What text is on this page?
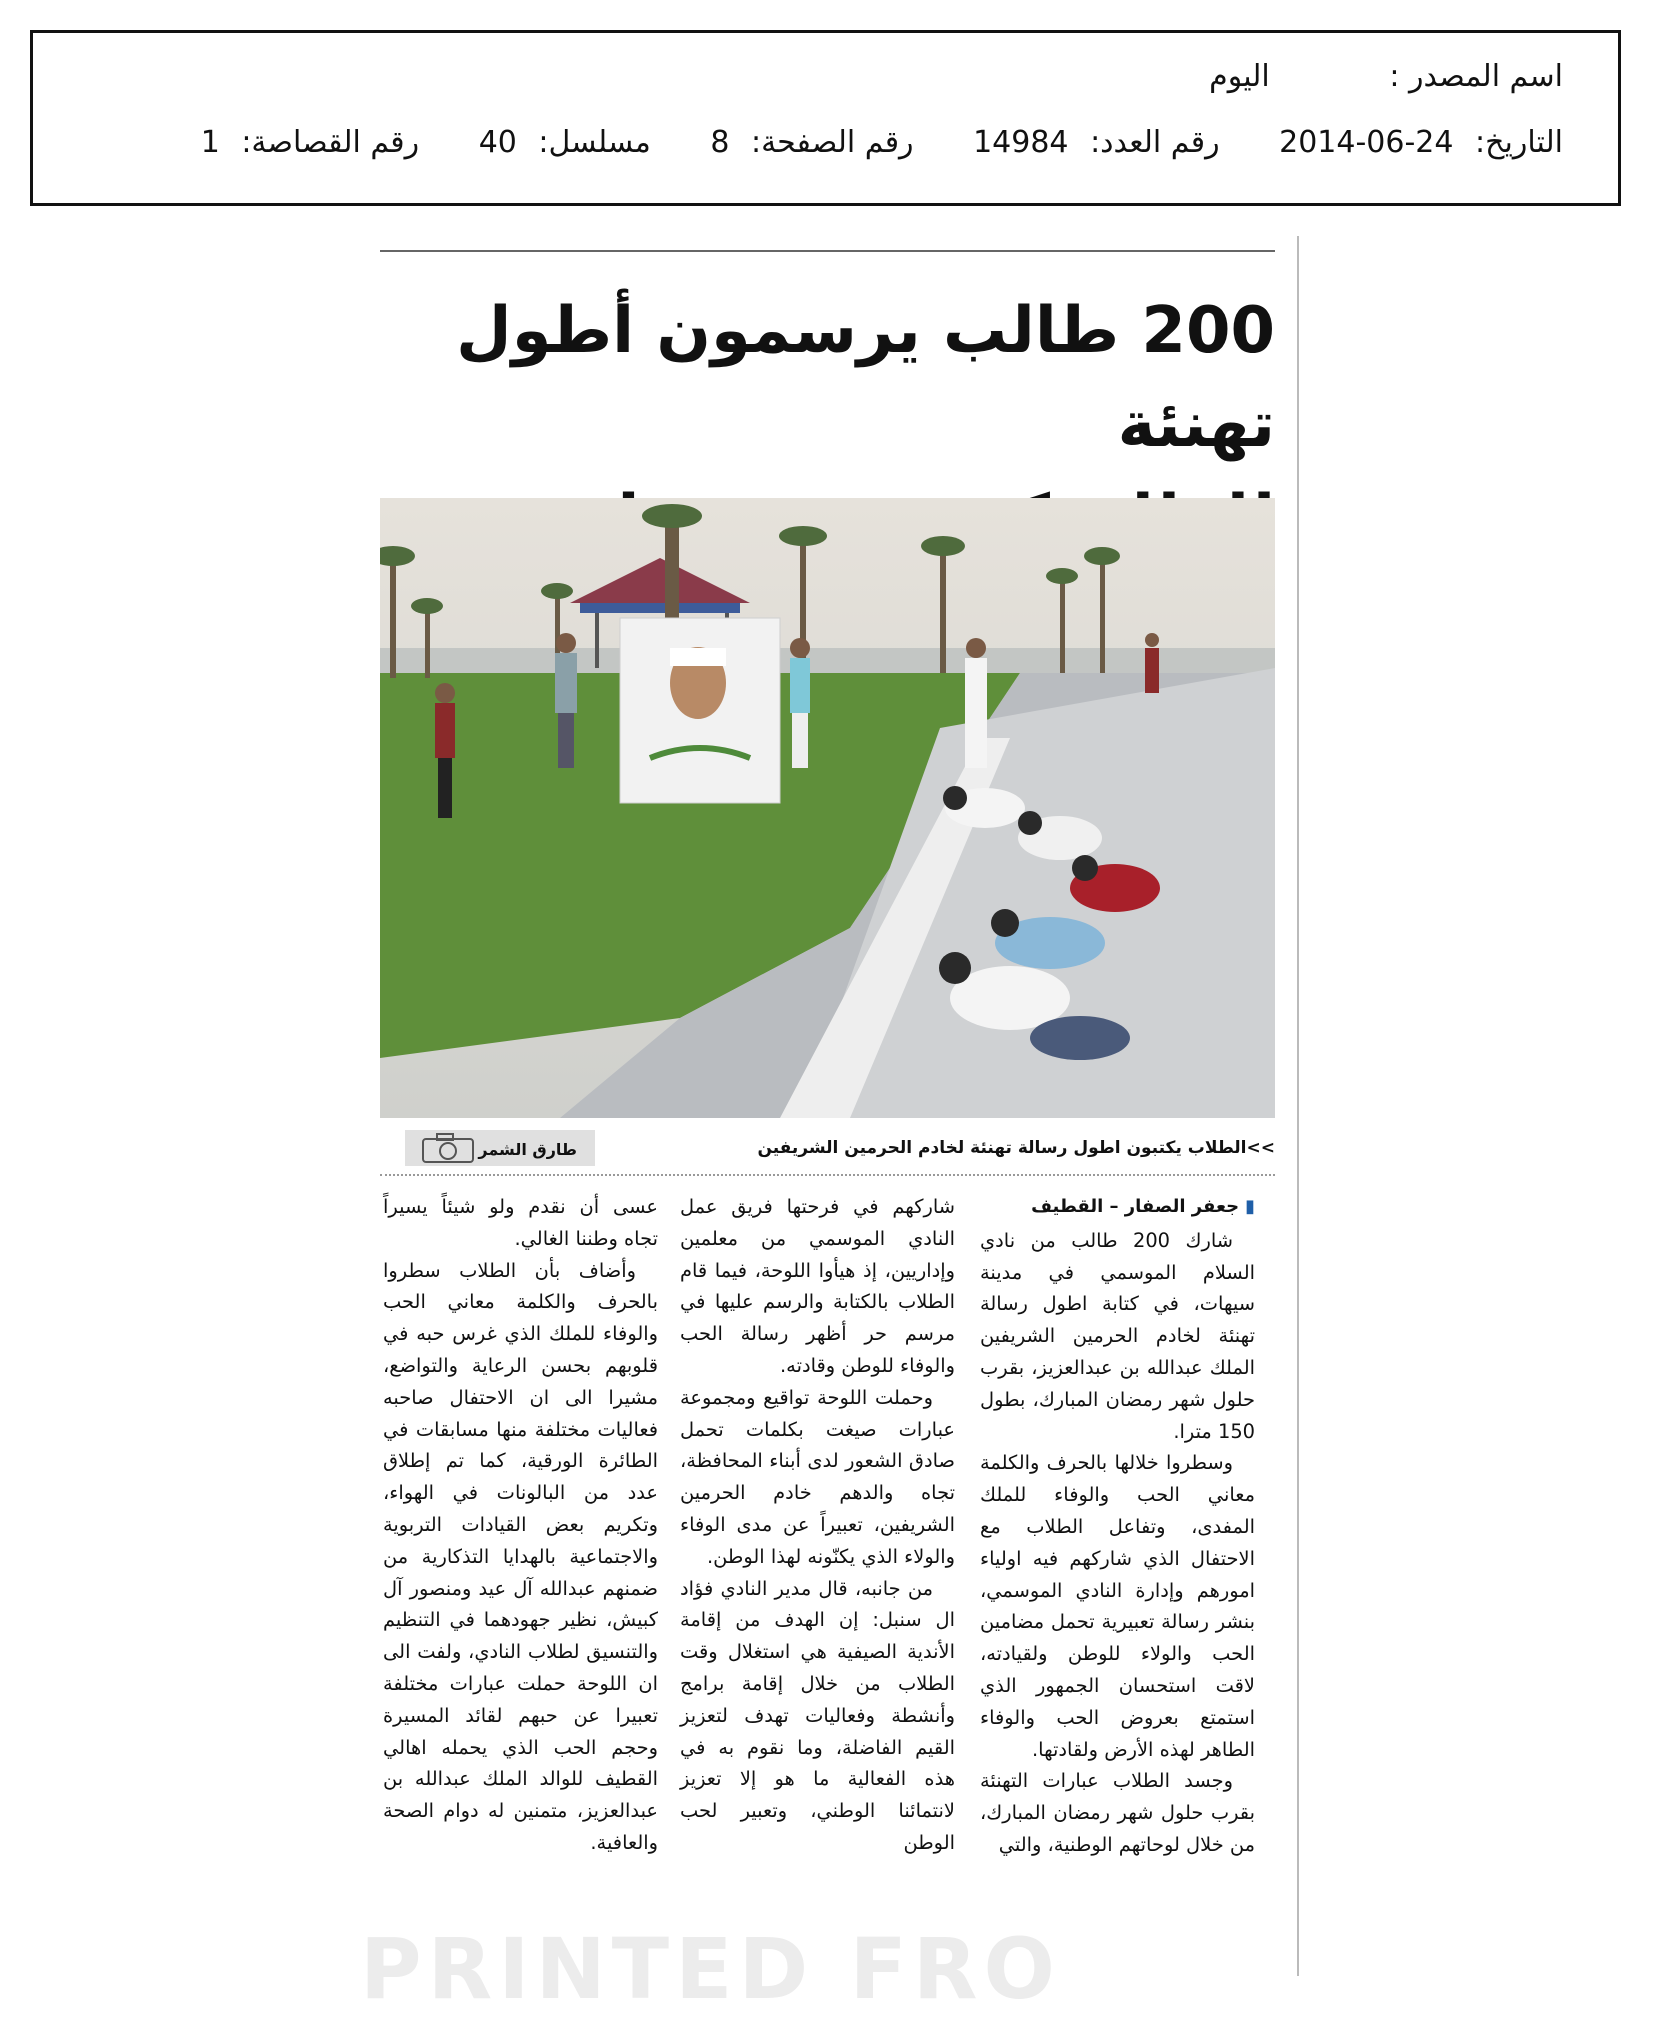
اسم المصدر : اليوم
التاريخ: 2014-06-24 رقم العدد: 14984 رقم الصفحة: 8 مسلسل: 40 رقم القصاصة: 1
200 طالب يرسمون أطول تهنئة
>>الطلاب يكتبون اطول رسالة تهنئة لخادم الحرمين الشريفين
طارق الشمر
▮جعفر الصفار – القطيف

شارك 200 طالب من نادي السلام الموسمي في مدينة سيهات، في كتابة اطول رسالة تهنئة لخادم الحرمين الشريفين الملك عبدالله بن عبدالعزيز، بقرب حلول شهر رمضان المبارك، بطول 150 مترا.

وسطروا خلالها بالحرف والكلمة معاني الحب والوفاء للملك المفدى، وتفاعل الطلاب مع الاحتفال الذي شاركهم فيه اولياء امورهم وإدارة النادي الموسمي، بنشر رسالة تعبيرية تحمل مضامين الحب والولاء للوطن ولقيادته، لاقت استحسان الجمهور الذي استمتع بعروض الحب والوفاء الطاهر لهذه الأرض ولقادتها.

وجسد الطلاب عبارات التهنئة بقرب حلول شهر رمضان المبارك، من خلال لوحاتهم الوطنية، والتي

شاركهم في فرحتها فريق عمل النادي الموسمي من معلمين وإداريين، إذ هيأوا اللوحة، فيما قام الطلاب بالكتابة والرسم عليها في مرسم حر أظهر رسالة الحب والوفاء للوطن وقادته.

وحملت اللوحة تواقيع ومجموعة عبارات صيغت بكلمات تحمل صادق الشعور لدى أبناء المحافظة، تجاه والدهم خادم الحرمين الشريفين، تعبيراً عن مدى الوفاء والولاء الذي يكنّونه لهذا الوطن.

من جانبه، قال مدير النادي فؤاد ال سنبل: إن الهدف من إقامة الأندية الصيفية هي استغلال وقت الطلاب من خلال إقامة برامج وأنشطة وفعاليات تهدف لتعزيز القيم الفاضلة، وما نقوم به في هذه الفعالية ما هو إلا تعزيز لانتمائنا الوطني، وتعبير لحب الوطن

عسى أن نقدم ولو شيئاً يسيراً تجاه وطننا الغالي.

وأضاف بأن الطلاب سطروا بالحرف والكلمة معاني الحب والوفاء للملك الذي غرس حبه في قلوبهم بحسن الرعاية والتواضع، مشيرا الى ان الاحتفال صاحبه فعاليات مختلفة منها مسابقات في الطائرة الورقية، كما تم إطلاق عدد من البالونات في الهواء، وتكريم بعض القيادات التربوية والاجتماعية بالهدايا التذكارية من ضمنهم عبدالله آل عيد ومنصور آل كبيش، نظير جهودهما في التنظيم والتنسيق لطلاب النادي، ولفت الى ان اللوحة حملت عبارات مختلفة تعبيرا عن حبهم لقائد المسيرة وحجم الحب الذي يحمله اهالي القطيف للوالد الملك عبدالله بن عبدالعزيز، متمنين له دوام الصحة والعافية.

PRINTED FRO
